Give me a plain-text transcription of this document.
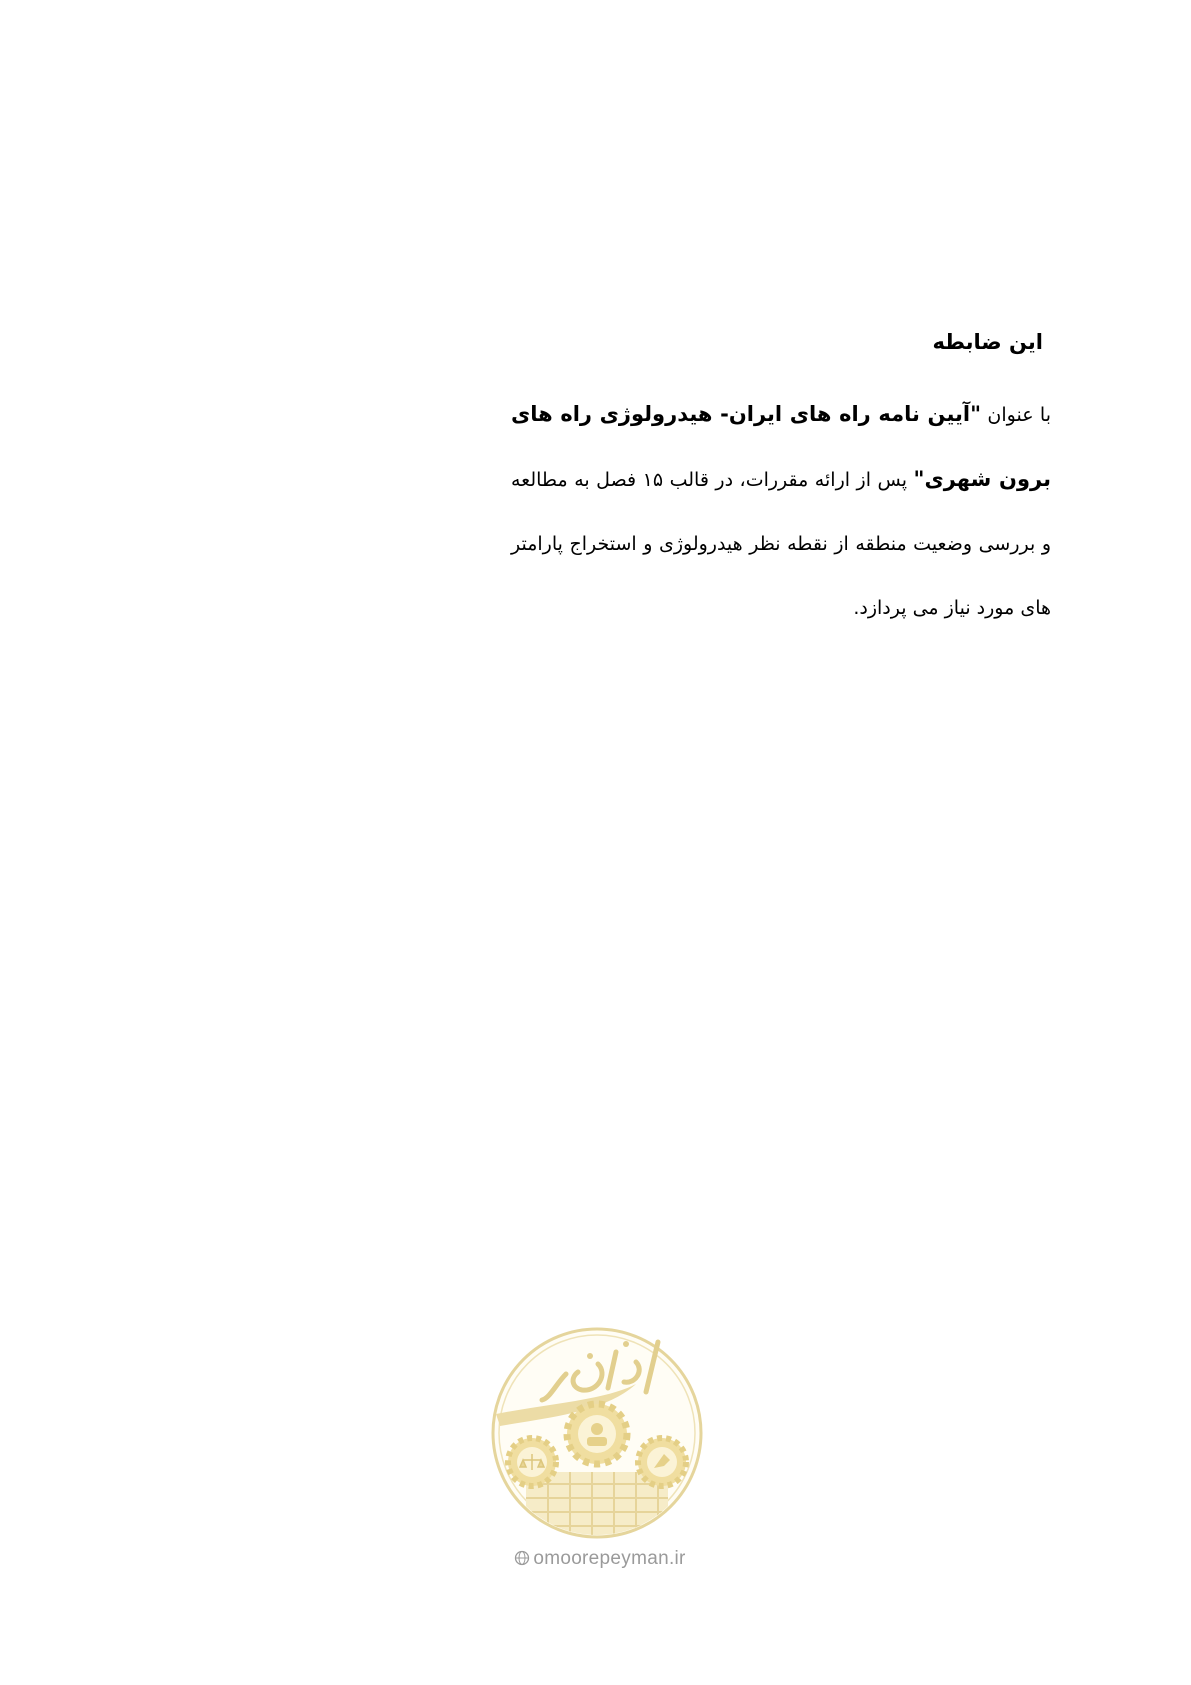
این ضابطه

با عنوان "آیین نامه راه های ایران- هیدرولوژی راه های برون شهری" پس از ارائه مقررات، در قالب ۱۵ فصل به مطالعه و بررسی وضعیت منطقه از نقطه نظر هیدرولوژی و استخراج پارامتر های مورد نیاز می پردازد.

omoorepeyman.ir
